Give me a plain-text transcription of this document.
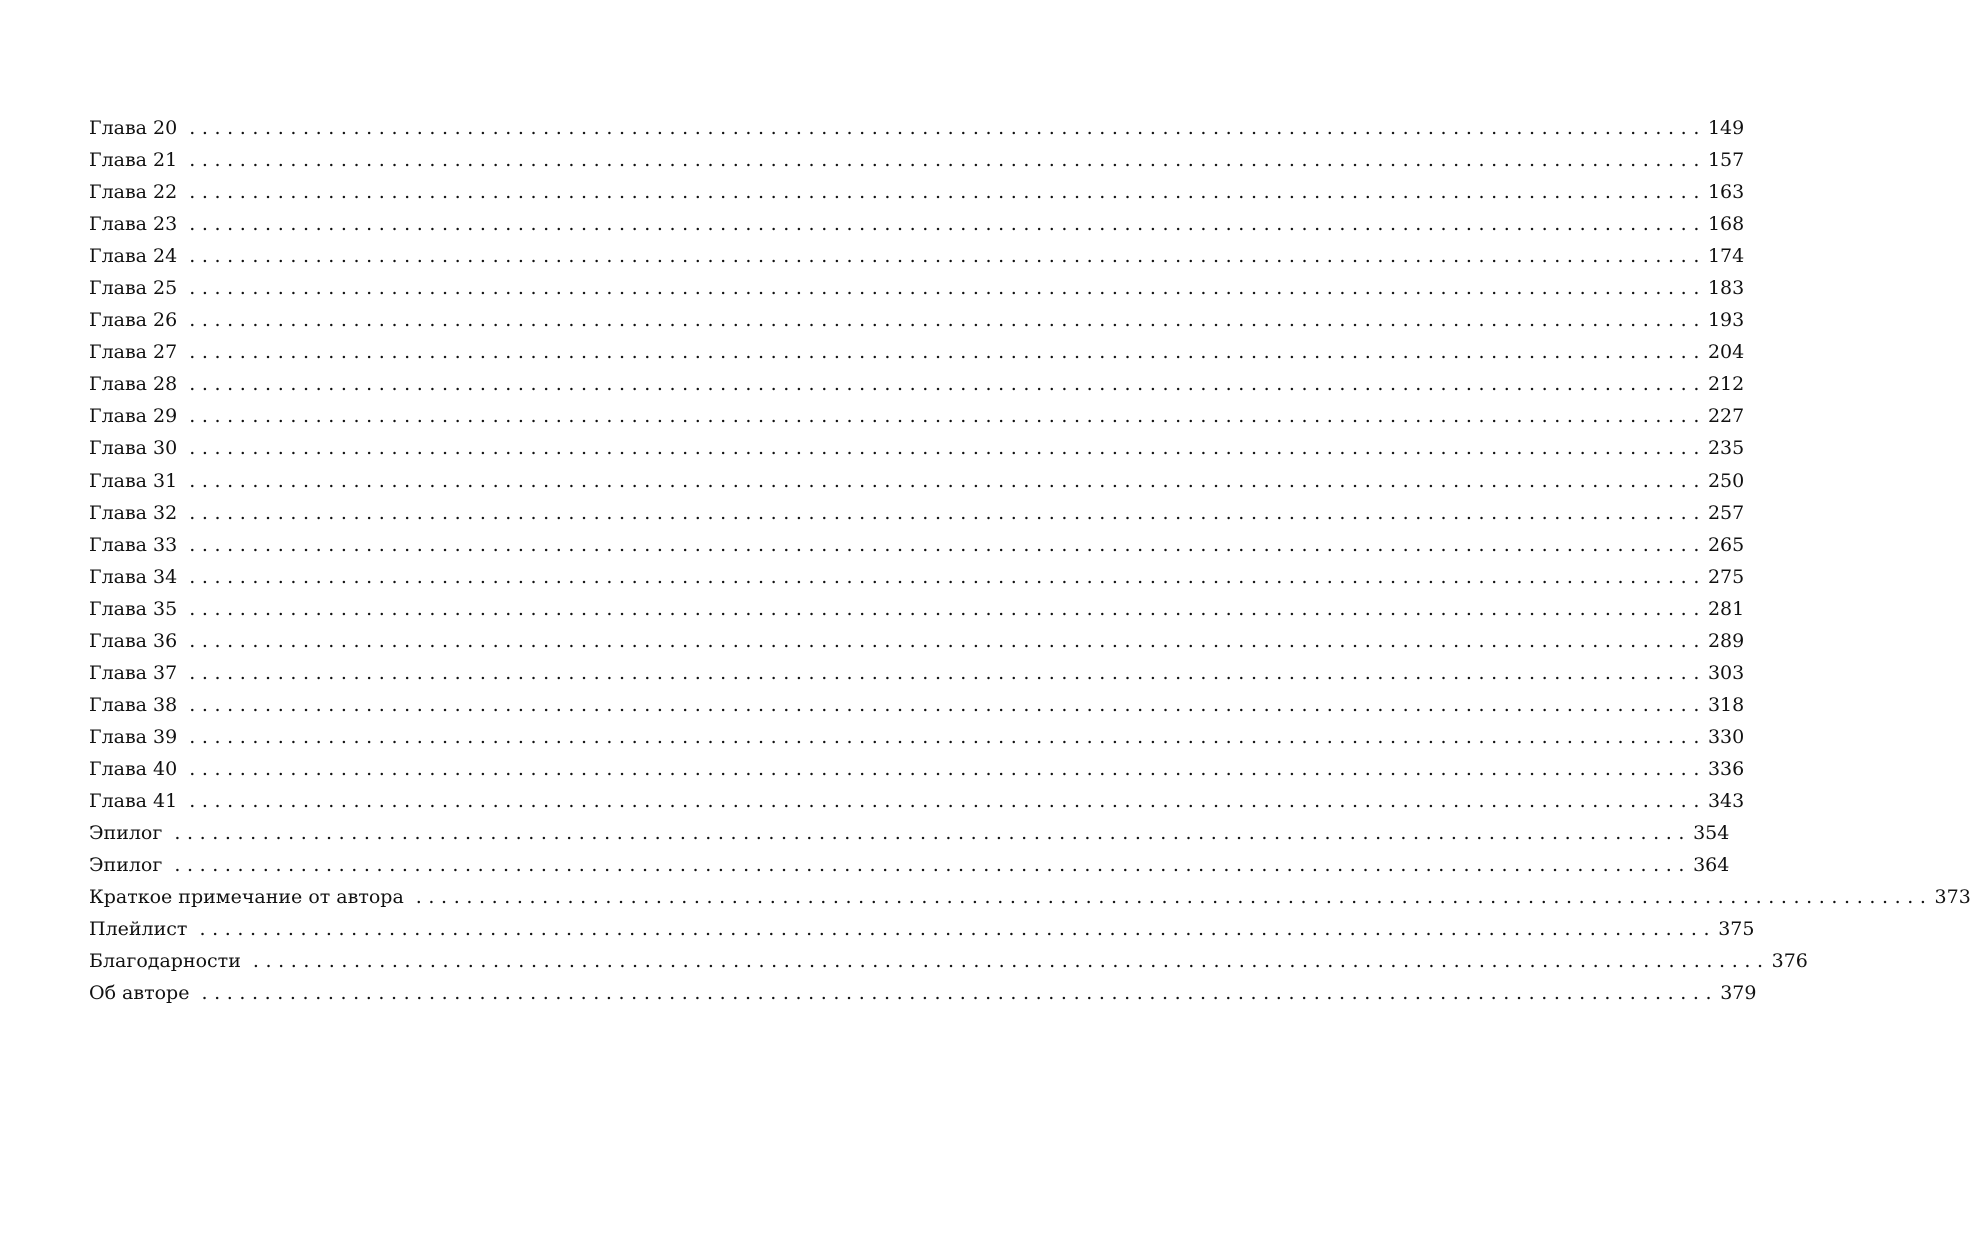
Глава 20 ........................................................................................................................ 149
Глава 21 ........................................................................................................................ 157
Глава 22 ........................................................................................................................ 163
Глава 23 ........................................................................................................................ 168
Глава 24 ........................................................................................................................ 174
Глава 25 ........................................................................................................................ 183
Глава 26 ........................................................................................................................ 193
Глава 27 ........................................................................................................................ 204
Глава 28 ........................................................................................................................ 212
Глава 29 ........................................................................................................................ 227
Глава 30 ........................................................................................................................ 235
Глава 31 ........................................................................................................................ 250
Глава 32 ........................................................................................................................ 257
Глава 33 ........................................................................................................................ 265
Глава 34 ........................................................................................................................ 275
Глава 35 ........................................................................................................................ 281
Глава 36 ........................................................................................................................ 289
Глава 37 ........................................................................................................................ 303
Глава 38 ........................................................................................................................ 318
Глава 39 ........................................................................................................................ 330
Глава 40 ........................................................................................................................ 336
Глава 41 ........................................................................................................................ 343
Эпилог ........................................................................................................................ 354
Эпилог ........................................................................................................................ 364
Краткое примечание от автора ........................................................................................................................ 373
Плейлист ........................................................................................................................ 375
Благодарности ........................................................................................................................ 376
Об авторе ........................................................................................................................ 379
